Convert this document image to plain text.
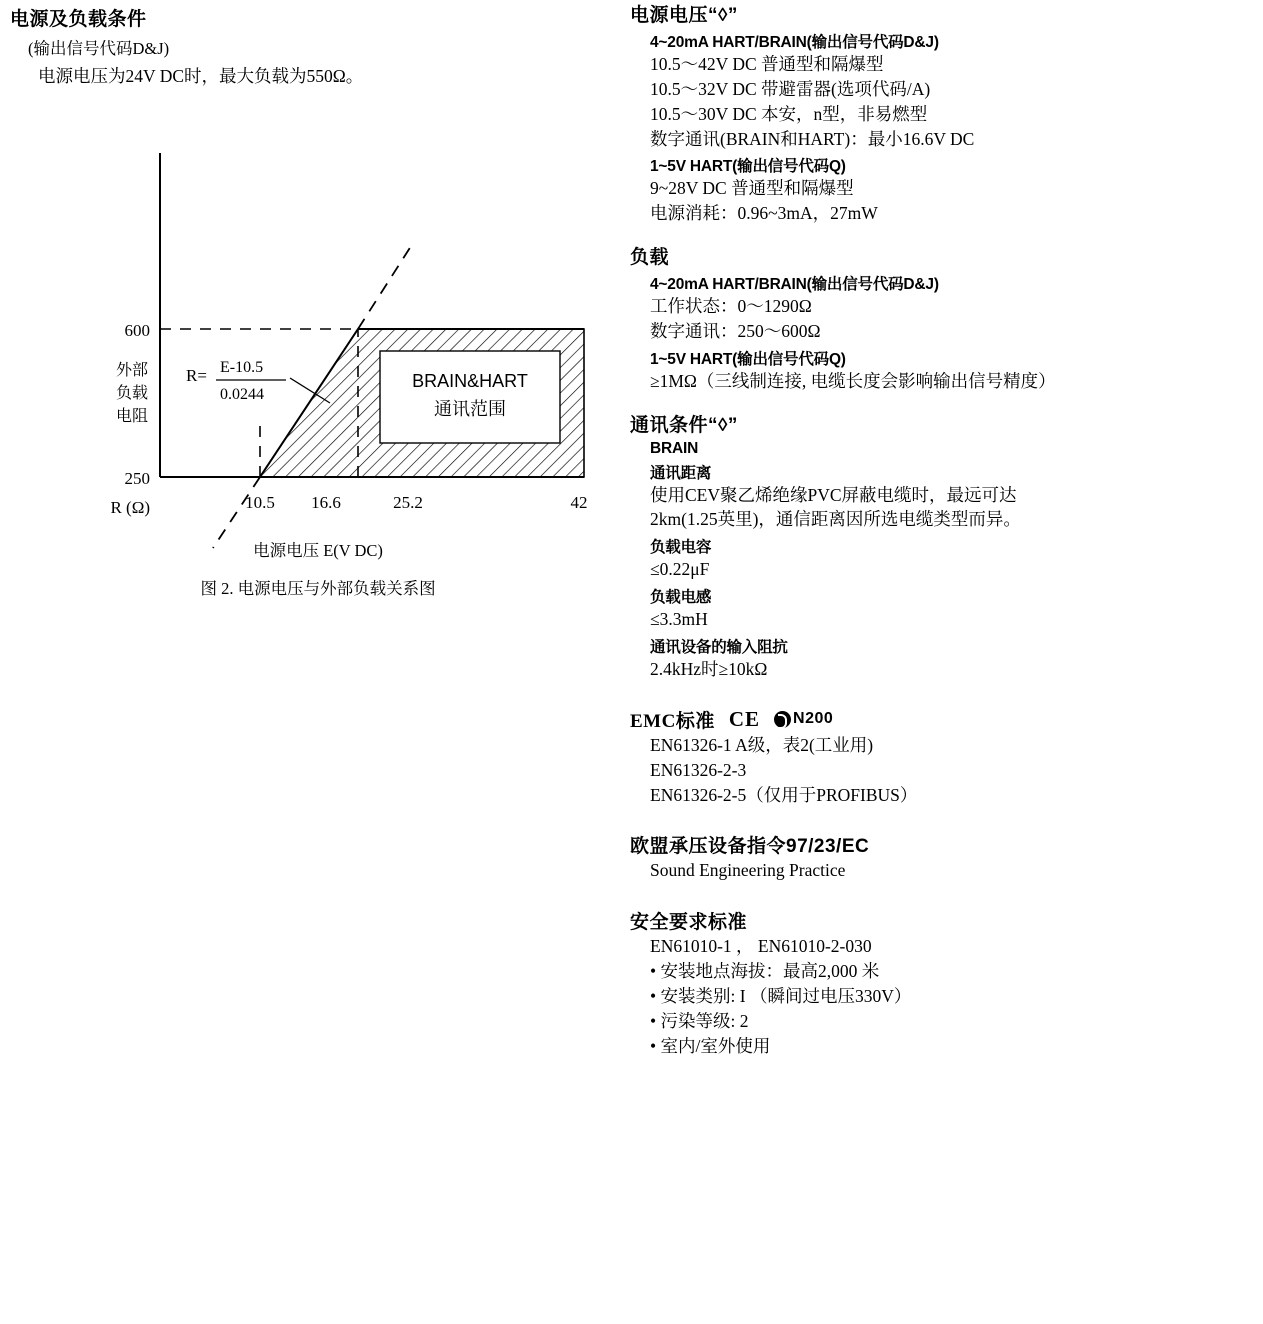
电源及负载条件
(输出信号代码D&J)
电源电压为24V DC时，最大负载为550Ω。
R= E-10.5
0.0244
BRAIN&HART
通讯范围
600
250
外部
负载
电阻
R (Ω)	10.5 16.6	25.2	42
电源电压 E(V DC)
图 2. 电源电压与外部负载关系图
电源电压“◊”
4~20mA HART/BRAIN(输出信号代码D&J)
10.5～42V DC 普通型和隔爆型
10.5～32V DC 带避雷器(选项代码/A)
10.5～30V DC 本安，n型，非易燃型
数字通讯(BRAIN和HART)：最小16.6V DC
1~5V HART(输出信号代码Q)
9~28V DC 普通型和隔爆型
电源消耗：0.96~3mA，27mW
负载
4~20mA HART/BRAIN(输出信号代码D&J)
工作状态：0～1290Ω
数字通讯：250～600Ω
1~5V HART(输出信号代码Q)
≥1MΩ（三线制连接, 电缆长度会影响输出信号精度）
通讯条件“◊”
BRAIN
通讯距离
使用CEV聚乙烯绝缘PVC屏蔽电缆时，最远可达
2km(1.25英里)，通信距离因所选电缆类型而异。
负载电容
≤0.22μF
负载电感
≤3.3mH
通讯设备的输入阻抗
2.4kHz时≥10kΩ
EMC标准 CE N200
EN61326-1 A级，表2(工业用)
EN61326-2-3
EN61326-2-5（仅用于PROFIBUS）
欧盟承压设备指令97/23/EC
Sound Engineering Practice
安全要求标准
EN61010-1 ， EN61010-2-030
• 安装地点海拔：最高2,000 米
• 安装类别: I （瞬间过电压330V）
• 污染等级: 2
• 室内/室外使用
